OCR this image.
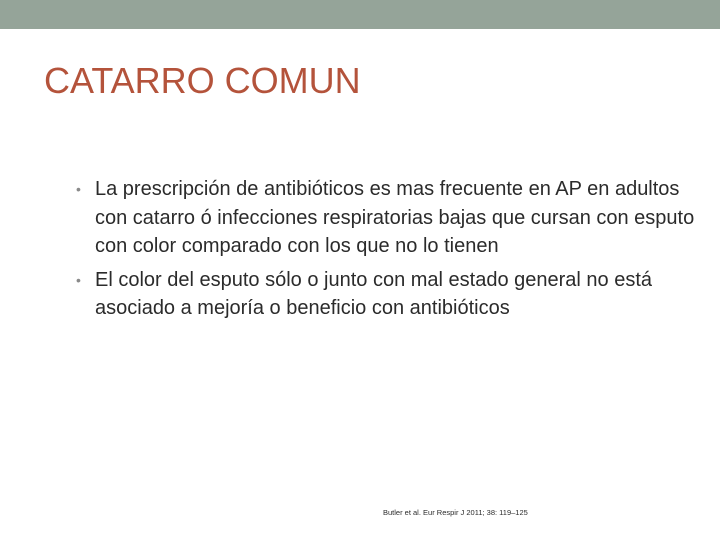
CATARRO COMUN
• La prescripción de antibióticos es mas frecuente en AP en adultos con catarro ó infecciones respiratorias bajas que cursan con esputo con color comparado con los que no lo tienen
• El color del esputo sólo o junto con mal estado general no está asociado a mejoría o beneficio con antibióticos
Butler et al. Eur Respir J 2011; 38: 119–125
